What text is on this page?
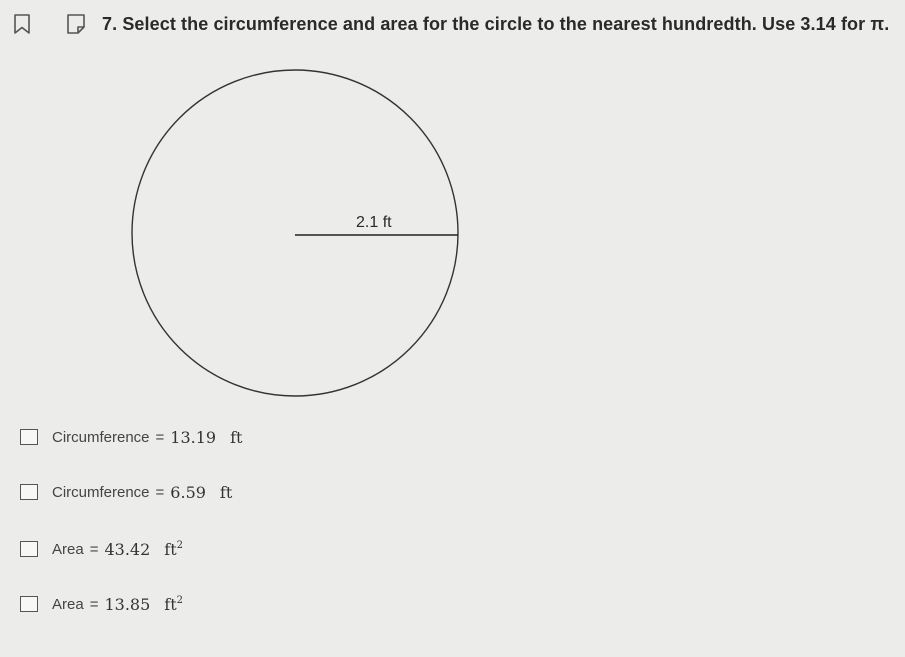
7. Select the circumference and area for the circle to the nearest hundredth. Use 3.14 for π.
2.1 ft
Circumference = 13.19 ft
Circumference = 6.59 ft
Area = 43.42 $ft^2$
Area = 13.85 $ft^2$
